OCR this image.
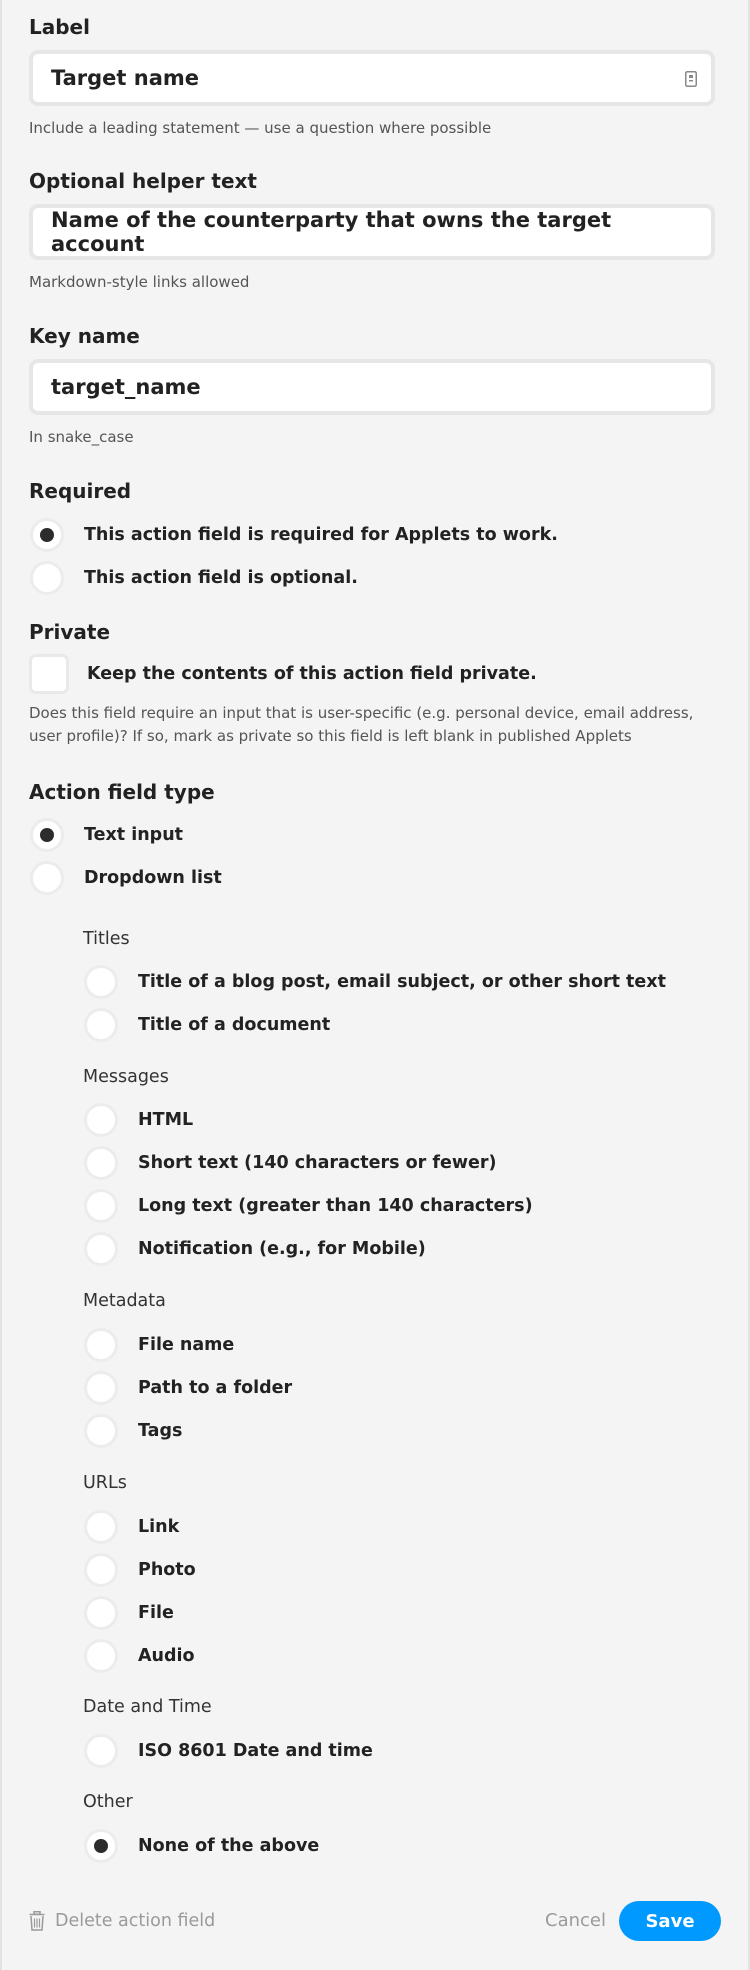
Label
Target name
Include a leading statement — use a question where possible
Optional helper text
Name of the counterparty that owns the target account
Markdown-style links allowed
Key name
target_name
In snake_case
Required
This action field is required for Applets to work.
This action field is optional.
Private
Keep the contents of this action field private.
Does this field require an input that is user-specific (e.g. personal device, email address, user profile)? If so, mark as private so this field is left blank in published Applets
Action field type
Text input
Dropdown list
Titles
Title of a blog post, email subject, or other short text
Title of a document
Messages
HTML
Short text (140 characters or fewer)
Long text (greater than 140 characters)
Notification (e.g., for Mobile)
Metadata
File name
Path to a folder
Tags
URLs
Link
Photo
File
Audio
Date and Time
ISO 8601 Date and time
Other
None of the above
Delete action field	Cancel	Save
